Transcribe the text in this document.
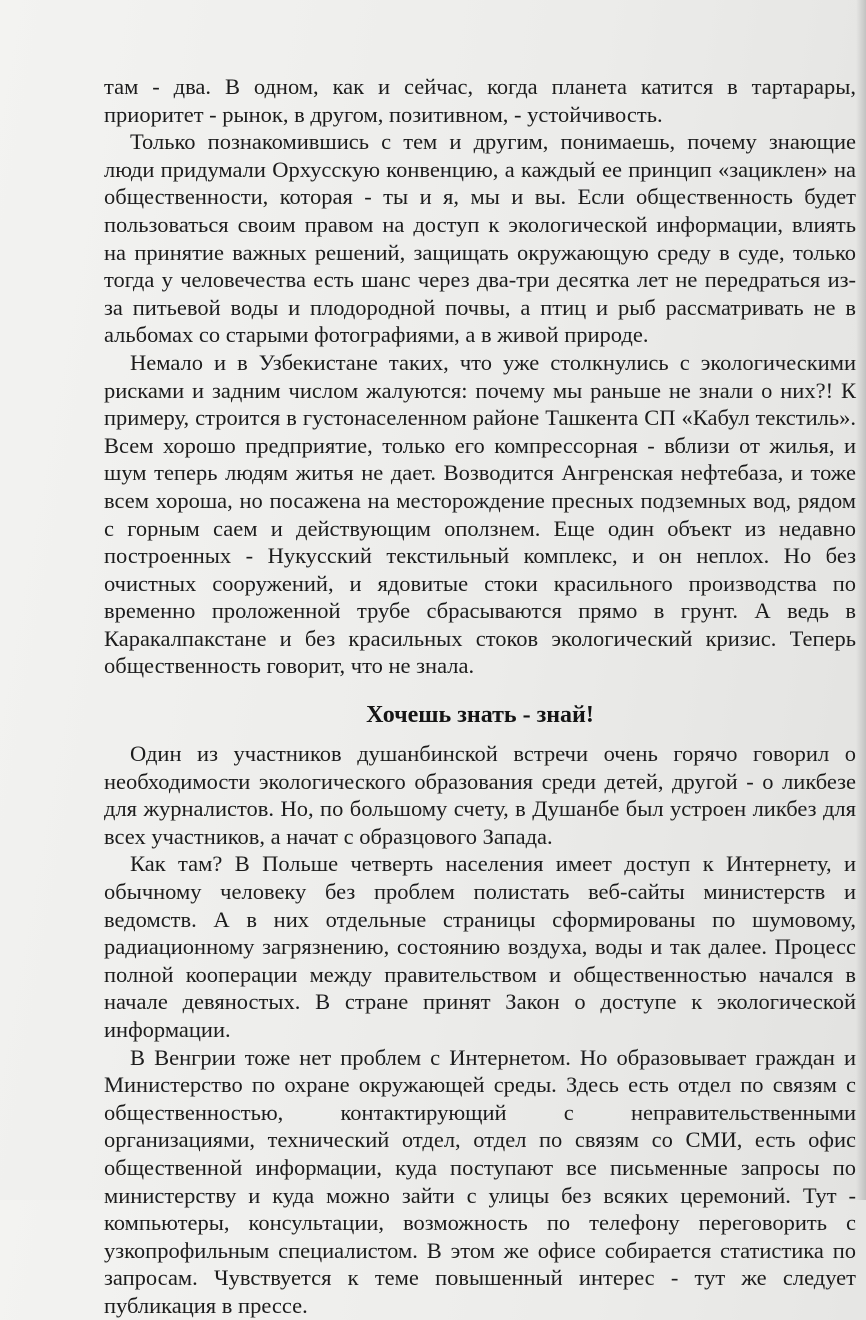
там - два. В одном, как и сейчас, когда планета катится в тартарары, приоритет - рынок, в другом, позитивном, - устойчивость.

Только познакомившись с тем и другим, понимаешь, почему знающие люди придумали Орхусскую конвенцию, а каждый ее принцип «зациклен» на общественности, которая - ты и я, мы и вы. Если общественность будет пользоваться своим правом на доступ к экологической информации, влиять на принятие важных решений, защищать окружающую среду в суде, только тогда у человечества есть шанс через два-три десятка лет не передраться из-за питьевой воды и плодородной почвы, а птиц и рыб рассматривать не в альбомах со старыми фотографиями, а в живой природе.

Немало и в Узбекистане таких, что уже столкнулись с экологическими рисками и задним числом жалуются: почему мы раньше не знали о них?! К примеру, строится в густонаселенном районе Ташкента СП «Кабул текстиль». Всем хорошо предприятие, только его компрессорная - вблизи от жилья, и шум теперь людям житья не дает. Возводится Ангренская нефтебаза, и тоже всем хороша, но посажена на месторождение пресных подземных вод, рядом с горным саем и действующим оползнем. Еще один объект из недавно построенных - Нукусский текстильный комплекс, и он неплох. Но без очистных сооружений, и ядовитые стоки красильного производства по временно проложенной трубе сбрасываются прямо в грунт. А ведь в Каракалпакстане и без красильных стоков экологический кризис. Теперь общественность говорит, что не знала.

Хочешь знать - знай!

Один из участников душанбинской встречи очень горячо говорил о необходимости экологического образования среди детей, другой - о ликбезе для журналистов. Но, по большому счету, в Душанбе был устроен ликбез для всех участников, а начат с образцового Запада.

Как там? В Польше четверть населения имеет доступ к Интернету, и обычному человеку без проблем полистать веб-сайты министерств и ведомств. А в них отдельные страницы сформированы по шумовому, радиационному загрязнению, состоянию воздуха, воды и так далее. Процесс полной кооперации между правительством и общественностью начался в начале девяностых. В стране принят Закон о доступе к экологической информации.

В Венгрии тоже нет проблем с Интернетом. Но образовывает граждан и Министерство по охране окружающей среды. Здесь есть отдел по связям с общественностью, контактирующий с неправительственными организациями, технический отдел, отдел по связям со СМИ, есть офис общественной информации, куда поступают все письменные запросы по министерству и куда можно зайти с улицы без всяких церемоний. Тут - компьютеры, консультации, возможность по телефону переговорить с узкопрофильным специалистом. В этом же офисе собирается статистика по запросам. Чувствуется к теме повышенный интерес - тут же следует публикация в прессе.
